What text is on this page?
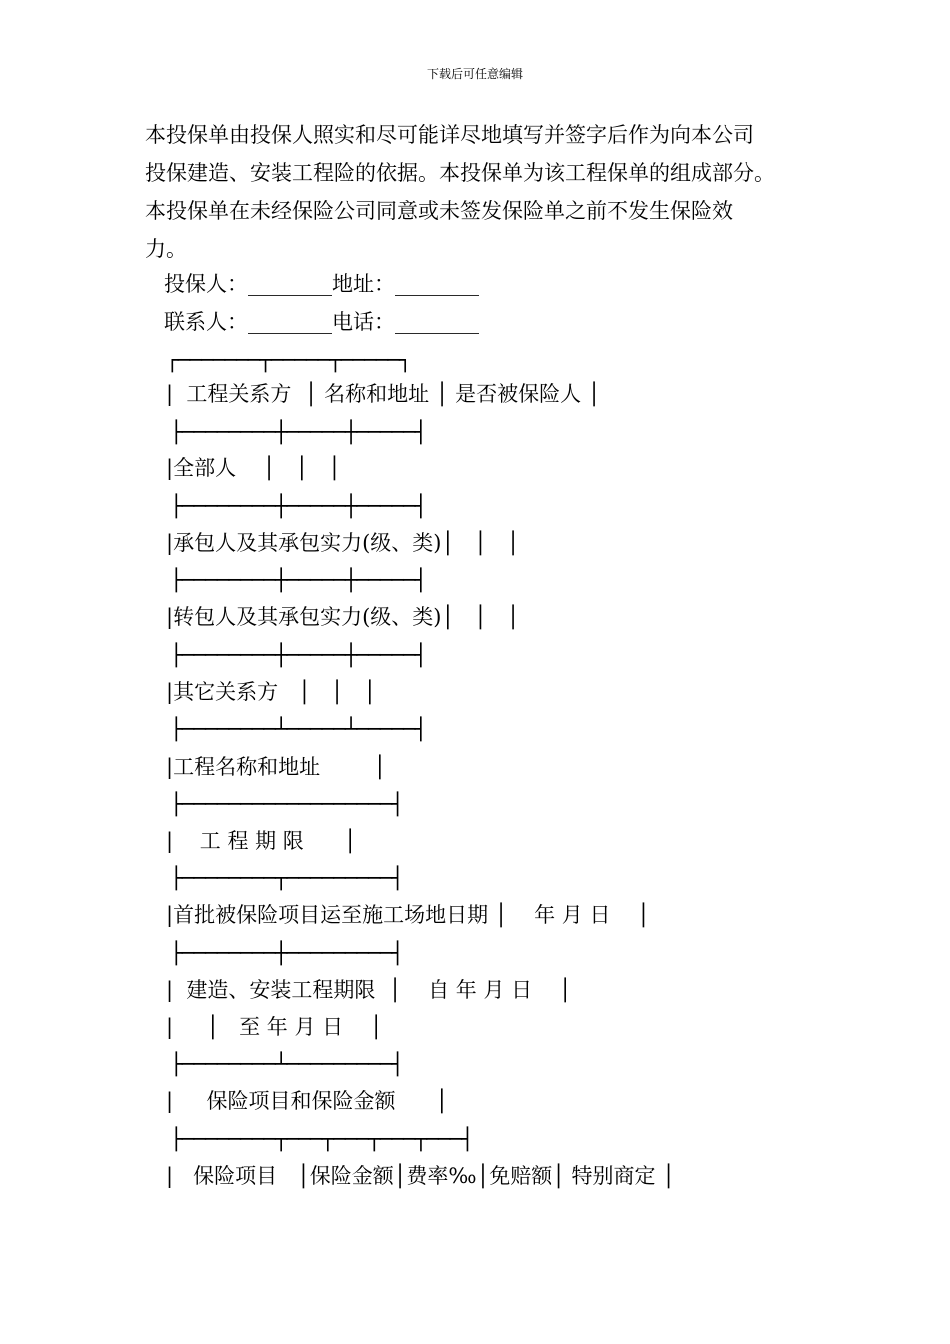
下载后可任意编辑
本投保单由投保人照实和尽可能详尽地填写并签字后作为向本公司
投保建造、安装工程险的依据。本投保单为该工程保单的组成部分。
本投保单在未经保险公司同意或未签发保险单之前不发生保险效
力。
投保人：________地址：________
联系人：________电话：________
┌───────┬─────┬─────┐
|  工程关系方  │ 名称和地址 │ 是否被保险人 │
├────────┼─────┼─────┤
|全部人    │   │   │
├────────┼─────┼─────┤
|承包人及其承包实力(级、类)│   │   │
├────────┼─────┼─────┤
|转包人及其承包实力(级、类)│   │   │
├────────┼─────┼─────┤
|其它关系方   │   │   │
├────────┴─────┴─────┤
|工程名称和地址        │
├──────────────────┤
|    工 程 期 限      │
├────────┬─────────┤
|首批被保险项目运至施工场地日期 │    年 月 日    │
├────────┼─────────┤
|  建造、安装工程期限  │    自 年 月 日    │
|     │   至 年 月 日    │
├────────┴─────────┤
|     保险项目和保险金额      │
├────────┬───┬───┬───┬───┤
|   保险项目   │保险金额│费率‰│免赔额│ 特别商定 │
